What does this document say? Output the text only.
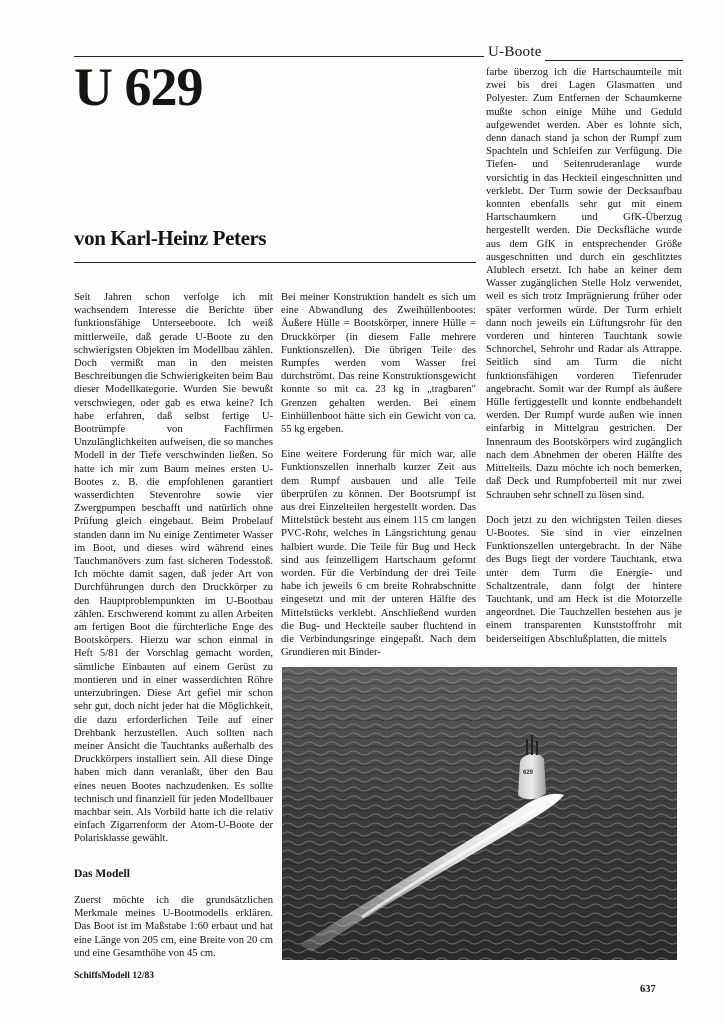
U-Boote
U 629
von Karl-Heinz Peters

farbe überzog ich die Hartschaumteile mit zwei bis drei Lagen Glasmatten und Polyester. Zum Entfernen der Schaumkerne mußte schon einige Mühe und Geduld aufgewendet werden. Aber es lohnte sich, denn danach stand ja schon der Rumpf zum Spachteln und Schleifen zur Verfügung. Die Tiefen- und Seitenruderanlage wurde vorsichtig in das Heckteil eingeschnitten und verklebt. Der Turm sowie der Decksaufbau konnten ebenfalls sehr gut mit einem Hartschaumkern und GfK-Überzug hergestellt werden. Die Decksfläche wurde aus dem GfK in entsprechender Größe ausgeschnitten und durch ein geschlitztes Alublech ersetzt. Ich habe an keiner dem Wasser zugänglichen Stelle Holz verwendet, weil es sich trotz Imprägnierung früher oder später verformen würde. Der Turm erhielt dann noch jeweils ein Lüftungsrohr für den vorderen und hinteren Tauchtank sowie Schnorchel, Sehrohr und Radar als Attrappe. Seitlich sind am Turm die nicht funktionsfähigen vorderen Tiefenruder angebracht. Somit war der Rumpf als äußere Hülle fertiggestellt und konnte endbehandelt werden. Der Rumpf wurde außen wie innen einfarbig in Mittelgrau gestrichen. Der Innenraum des Bootskörpers wird zugänglich nach dem Abnehmen der oberen Hälfte des Mittelteils. Dazu möchte ich noch bemerken, daß Deck und Rumpfoberteil mit nur zwei Schrauben sehr schnell zu lösen sind.

Doch jetzt zu den wichtigsten Teilen dieses U-Bootes. Sie sind in vier einzelnen Funktionszellen untergebracht. In der Nähe des Bugs liegt der vordere Tauchtank, etwa unter dem Turm die Energie- und Schaltzentrale, dann folgt der hintere Tauchtank, und am Heck ist die Motorzelle angeordnet. Die Tauchzellen bestehen aus je einem transparenten Kunststoffrohr mit beiderseitigen Abschlußplatten, die mittels

Seit Jahren schon verfolge ich mit wachsendem Interesse die Berichte über funktionsfähige Unterseeboote. Ich weiß mittlerweile, daß gerade U-Boote zu den schwierigsten Objekten im Modellbau zählen. Doch vermißt man in den meisten Beschreibungen die Schwierigkeiten beim Bau dieser Modellkategorie. Wurden Sie bewußt verschwiegen, oder gab es etwa keine? Ich habe erfahren, daß selbst fertige U-Bootrümpfe von Fachfirmen Unzulänglichkeiten aufweisen, die so manches Modell in der Tiefe verschwinden ließen. So hatte ich mir zum Baum meines ersten U-Bootes z. B. die empfohlenen garantiert wasserdichten Stevenrohre sowie vier Zwergpumpen beschafft und natürlich ohne Prüfung gleich eingebaut. Beim Probelauf standen dann im Nu einige Zentimeter Wasser im Boot, und dieses wird während eines Tauchmanövers zum fast sicheren Todesstoß. Ich möchte damit sagen, daß jeder Art von Durchführungen durch den Druckkörper zu den Hauptproblempunkten im U-Bootbau zählen. Erschwerend kommt zu allen Arbeiten am fertigen Boot die fürchterliche Enge des Bootskörpers. Hierzu war schon einmal in Heft 5/81 der Vorschlag gemacht worden, sämtliche Einbauten auf einem Gerüst zu montieren und in einer wasserdichten Röhre unterzubringen. Diese Art gefiel mir schon sehr gut, doch nicht jeder hat die Möglichkeit, die dazu erforderlichen Teile auf einer Drehbank herzustellen. Auch sollten nach meiner Ansicht die Tauchtanks außerhalb des Druckkörpers installiert sein. All diese Dinge haben mich dann veranlaßt, über den Bau eines neuen Bootes nachzudenken. Es sollte technisch und finanziell für jeden Modellbauer machbar sein. Als Vorbild hatte ich die relativ einfach Zigarrenform der Atom-U-Boote der Polarisklasse gewählt.

Das Modell
Zuerst möchte ich die grundsätzlichen Merkmale meines U-Bootmodells erklären. Das Boot ist im Maßstabe 1:60 erbaut und hat eine Länge von 205 cm, eine Breite von 20 cm und eine Gesamthöhe von 45 cm.

Bei meiner Konstruktion handelt es sich um eine Abwandlung des Zweihüllenbootes: Äußere Hülle = Bootskörper, innere Hülle = Druckkörper (in diesem Falle mehrere Funktionszellen). Die übrigen Teile des Rumpfes werden vom Wasser frei durchströmt. Das reine Konstruktionsgewicht konnte so mit ca. 23 kg in „tragbaren" Grenzen gehalten werden. Bei einem Einhüllenboot hätte sich ein Gewicht von ca. 55 kg ergeben.

Eine weitere Forderung für mich war, alle Funktionszellen innerhalb kurzer Zeit aus dem Rumpf ausbauen und alle Teile überprüfen zu können. Der Bootsrumpf ist aus drei Einzelteilen hergestellt worden. Das Mittelstück besteht aus einem 115 cm langen PVC-Rohr, welches in Längsrichtung genau halbiert wurde. Die Teile für Bug und Heck sind aus feinzelligem Hartschaum geformt worden. Für die Verbindung der drei Teile habe ich jeweils 6 cm breite Rohrabschnitte eingesetzt und mit der unteren Hälfte des Mittelstücks verklebt. Anschließend wurden die Bug- und Heckteile sauber fluchtend in die Verbindungsringe eingepaßt. Nach dem Grundieren mit Binder-

629
SchiffsModell 12/83
637
